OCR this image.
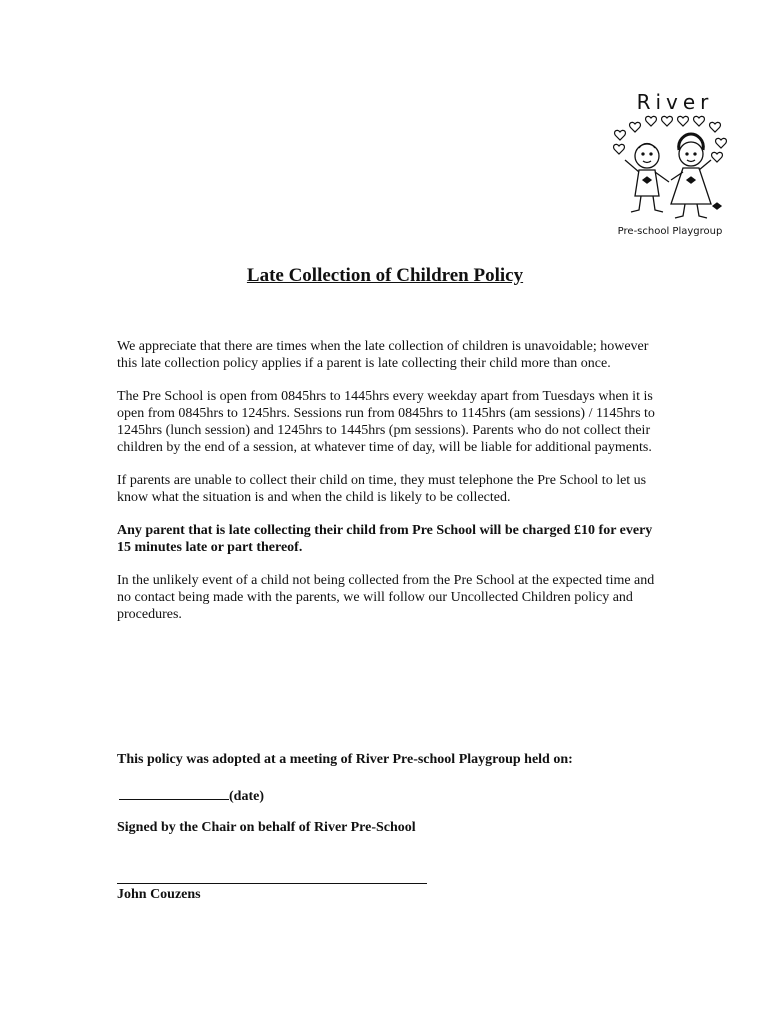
River
Pre-school Playgroup
Late Collection of Children Policy

We appreciate that there are times when the late collection of children is unavoidable; however this late collection policy applies if a parent is late collecting their child more than once.

The Pre School is open from 0845hrs to 1445hrs every weekday apart from Tuesdays when it is open from 0845hrs to 1245hrs. Sessions run from 0845hrs to 1145hrs (am sessions) / 1145hrs to 1245hrs (lunch session) and 1245hrs to 1445hrs (pm sessions). Parents who do not collect their children by the end of a session, at whatever time of day, will be liable for additional payments.

If parents are unable to collect their child on time, they must telephone the Pre School to let us know what the situation is and when the child is likely to be collected.

Any parent that is late collecting their child from Pre School will be charged £10 for every 15 minutes late or part thereof.

In the unlikely event of a child not being collected from the Pre School at the expected time and no contact being made with the parents, we will follow our Uncollected Children policy and procedures.

This policy was adopted at a meeting of River Pre-school Playgroup held on:
(date)
Signed by the Chair on behalf of River Pre-School
John Couzens
